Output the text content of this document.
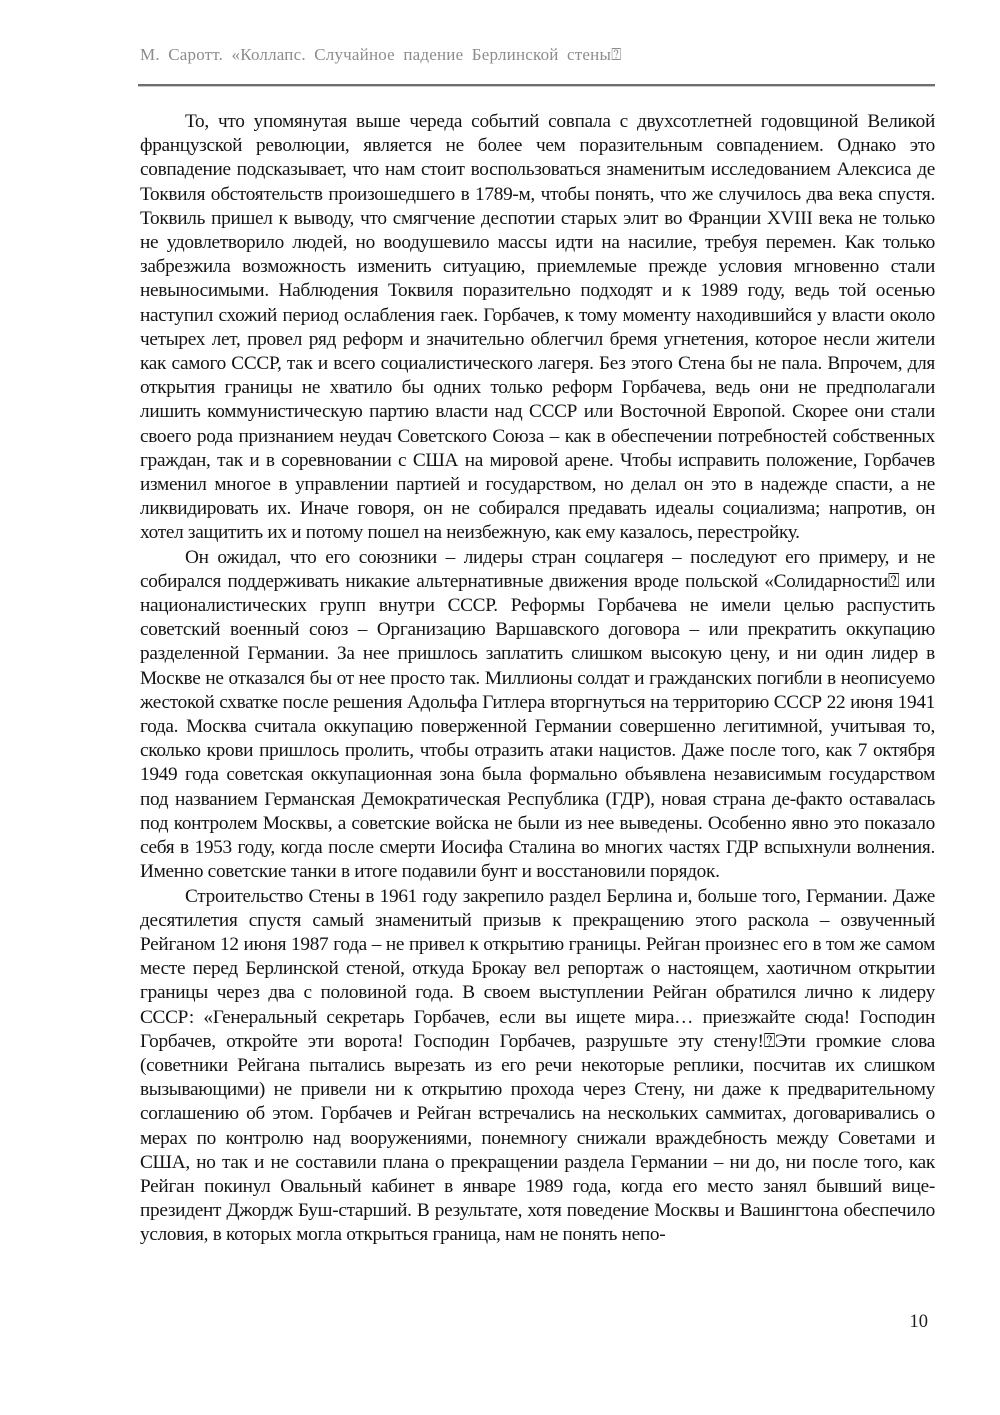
М. Саротт. «Коллапс. Случайное падение Берлинской стены⍰

То, что упомянутая выше череда событий совпала с двухсотлетней годовщиной Великой французской революции, является не более чем поразительным совпадением. Однако это совпадение подсказывает, что нам стоит воспользоваться знаменитым исследованием Алексиса де Токвиля обстоятельств произошедшего в 1789-м, чтобы понять, что же случилось два века спустя. Токвиль пришел к выводу, что смягчение деспотии старых элит во Франции XVIII века не только не удовлетворило людей, но воодушевило массы идти на насилие, требуя перемен. Как только забрезжила возможность изменить ситуацию, приемлемые прежде условия мгновенно стали невыносимыми. Наблюдения Токвиля поразительно подходят и к 1989 году, ведь той осенью наступил схожий период ослабления гаек. Горбачев, к тому моменту находившийся у власти около четырех лет, провел ряд реформ и значительно облегчил бремя угнетения, которое несли жители как самого СССР, так и всего социалистического лагеря. Без этого Стена бы не пала. Впрочем, для открытия границы не хватило бы одних только реформ Горбачева, ведь они не предполагали лишить коммунистическую партию власти над СССР или Восточной Европой. Скорее они стали своего рода признанием неудач Советского Союза – как в обеспечении потребностей собственных граждан, так и в соревновании с США на мировой арене. Чтобы исправить положение, Горбачев изменил многое в управлении партией и государством, но делал он это в надежде спасти, а не ликвидировать их. Иначе говоря, он не собирался предавать идеалы социализма; напротив, он хотел защитить их и потому пошел на неизбежную, как ему казалось, перестройку.

Он ожидал, что его союзники – лидеры стран соцлагеря – последуют его примеру, и не собирался поддерживать никакие альтернативные движения вроде польской «Солидарности⍰ или националистических групп внутри СССР. Реформы Горбачева не имели целью распустить советский военный союз – Организацию Варшавского договора – или прекратить оккупацию разделенной Германии. За нее пришлось заплатить слишком высокую цену, и ни один лидер в Москве не отказался бы от нее просто так. Миллионы солдат и гражданских погибли в неописуемо жестокой схватке после решения Адольфа Гитлера вторгнуться на территорию СССР 22 июня 1941 года. Москва считала оккупацию поверженной Германии совершенно легитимной, учитывая то, сколько крови пришлось пролить, чтобы отразить атаки нацистов. Даже после того, как 7 октября 1949 года советская оккупационная зона была формально объявлена независимым государством под названием Германская Демократическая Республика (ГДР), новая страна де-факто оставалась под контролем Москвы, а советские войска не были из нее выведены. Особенно явно это показало себя в 1953 году, когда после смерти Иосифа Сталина во многих частях ГДР вспыхнули волнения. Именно советские танки в итоге подавили бунт и восстановили порядок.

Строительство Стены в 1961 году закрепило раздел Берлина и, больше того, Германии. Даже десятилетия спустя самый знаменитый призыв к прекращению этого раскола – озвученный Рейганом 12 июня 1987 года – не привел к открытию границы. Рейган произнес его в том же самом месте перед Берлинской стеной, откуда Брокау вел репортаж о настоящем, хаотичном открытии границы через два с половиной года. В своем выступлении Рейган обратился лично к лидеру СССР: «Генеральный секретарь Горбачев, если вы ищете мира… приезжайте сюда! Господин Горбачев, откройте эти ворота! Господин Горбачев, разрушьте эту стену!⍰Эти громкие слова (советники Рейгана пытались вырезать из его речи некоторые реплики, посчитав их слишком вызывающими) не привели ни к открытию прохода через Стену, ни даже к предварительному соглашению об этом. Горбачев и Рейган встречались на нескольких саммитах, договаривались о мерах по контролю над вооружениями, понемногу снижали враждебность между Советами и США, но так и не составили плана о прекращении раздела Германии – ни до, ни после того, как Рейган покинул Овальный кабинет в январе 1989 года, когда его место занял бывший вице-президент Джордж Буш-старший. В результате, хотя поведение Москвы и Вашингтона обеспечило условия, в которых могла открыться граница, нам не понять непо-

10
